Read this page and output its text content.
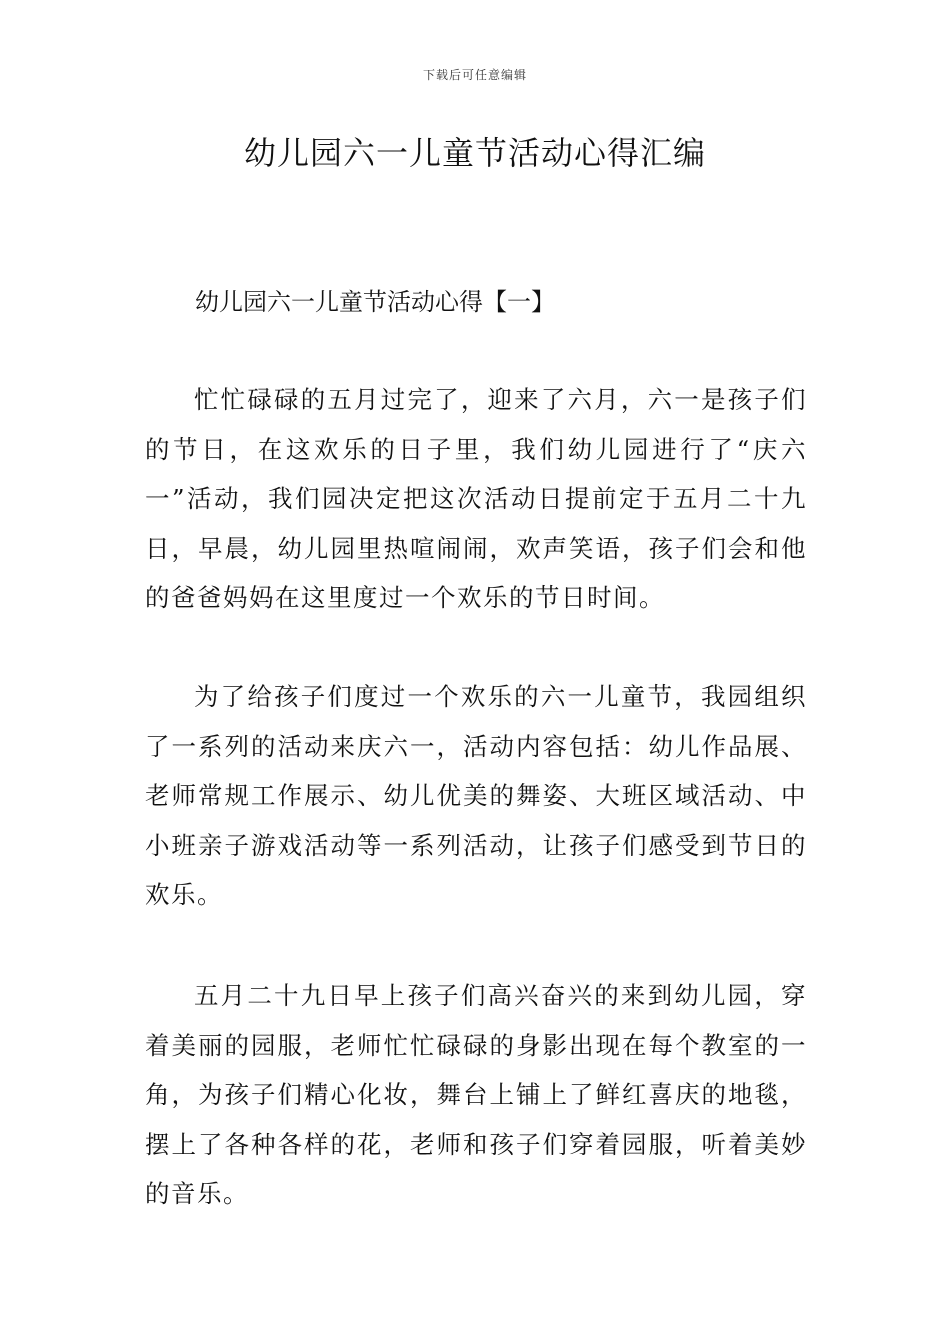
下载后可任意编辑
幼儿园六一儿童节活动心得汇编
幼儿园六一儿童节活动心得【一】

忙忙碌碌的五月过完了，迎来了六月，六一是孩子们的节日，在这欢乐的日子里，我们幼儿园进行了“庆六一”活动，我们园决定把这次活动日提前定于五月二十九日，早晨，幼儿园里热喧闹闹，欢声笑语，孩子们会和他的爸爸妈妈在这里度过一个欢乐的节日时间。

为了给孩子们度过一个欢乐的六一儿童节，我园组织了一系列的活动来庆六一，活动内容包括：幼儿作品展、老师常规工作展示、幼儿优美的舞姿、大班区域活动、中小班亲子游戏活动等一系列活动，让孩子们感受到节日的欢乐。

五月二十九日早上孩子们高兴奋兴的来到幼儿园，穿着美丽的园服，老师忙忙碌碌的身影出现在每个教室的一角，为孩子们精心化妆，舞台上铺上了鲜红喜庆的地毯，摆上了各种各样的花，老师和孩子们穿着园服，听着美妙的音乐。
